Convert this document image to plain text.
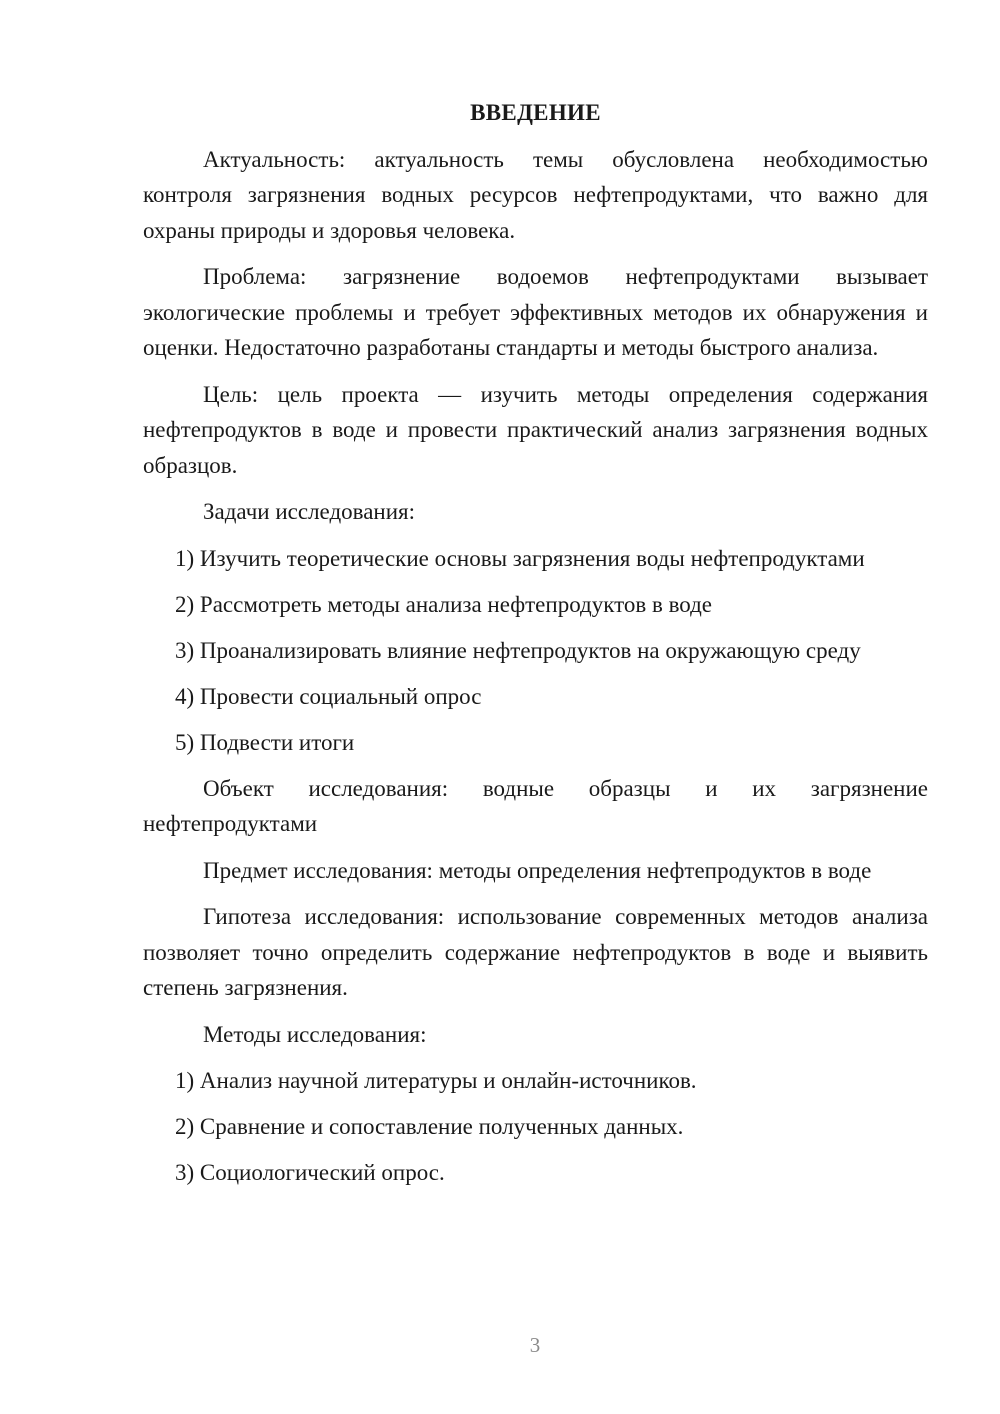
ВВЕДЕНИЕ

Актуальность: актуальность темы обусловлена необходимостью контроля загрязнения водных ресурсов нефтепродуктами, что важно для охраны природы и здоровья человека.

Проблема: загрязнение водоемов нефтепродуктами вызывает экологические проблемы и требует эффективных методов их обнаружения и оценки. Недостаточно разработаны стандарты и методы быстрого анализа.

Цель: цель проекта — изучить методы определения содержания нефтепродуктов в воде и провести практический анализ загрязнения водных образцов.

Задачи исследования:
1) Изучить теоретические основы загрязнения воды нефтепродуктами
2) Рассмотреть методы анализа нефтепродуктов в воде
3) Проанализировать влияние нефтепродуктов на окружающую среду
4) Провести социальный опрос
5) Подвести итоги

Объект исследования: водные образцы и их загрязнение нефтепродуктами

Предмет исследования: методы определения нефтепродуктов в воде

Гипотеза исследования: использование современных методов анализа позволяет точно определить содержание нефтепродуктов в воде и выявить степень загрязнения.

Методы исследования:
1) Анализ научной литературы и онлайн-источников.
2) Сравнение и сопоставление полученных данных.
3) Социологический опрос.
3
